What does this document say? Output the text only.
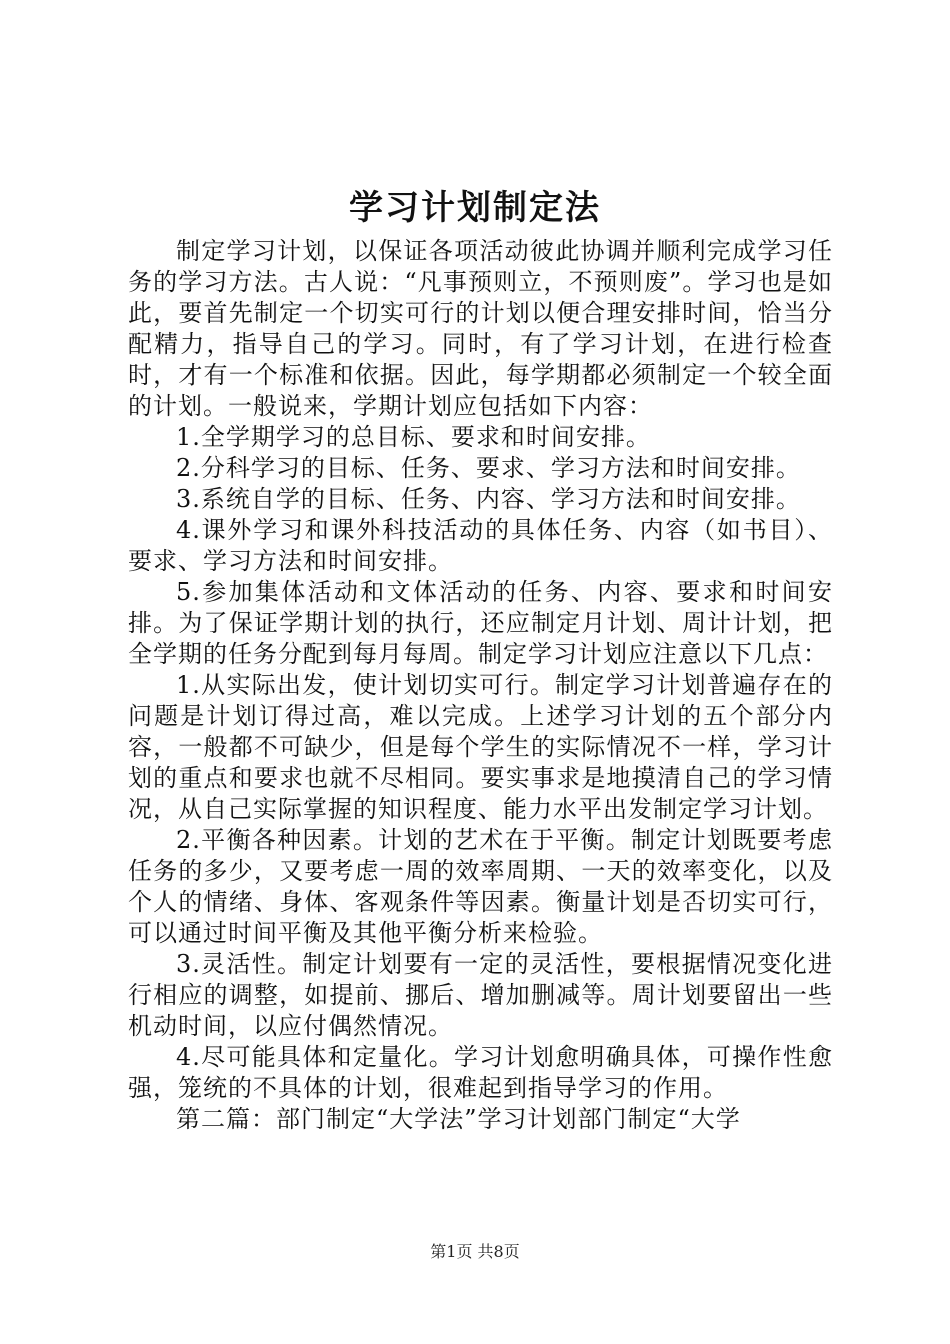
学习计划制定法

制定学习计划，以保证各项活动彼此协调并顺利完成学习任务的学习方法。古人说：“凡事预则立，不预则废”。学习也是如此，要首先制定一个切实可行的计划以便合理安排时间，恰当分配精力，指导自己的学习。同时，有了学习计划，在进行检查时，才有一个标准和依据。因此，每学期都必须制定一个较全面的计划。一般说来，学期计划应包括如下内容：

1.全学期学习的总目标、要求和时间安排。

2.分科学习的目标、任务、要求、学习方法和时间安排。

3.系统自学的目标、任务、内容、学习方法和时间安排。

4.课外学习和课外科技活动的具体任务、内容（如书目）、要求、学习方法和时间安排。

5.参加集体活动和文体活动的任务、内容、要求和时间安排。为了保证学期计划的执行，还应制定月计划、周计计划，把全学期的任务分配到每月每周。制定学习计划应注意以下几点：

1.从实际出发，使计划切实可行。制定学习计划普遍存在的问题是计划订得过高，难以完成。上述学习计划的五个部分内容，一般都不可缺少，但是每个学生的实际情况不一样，学习计划的重点和要求也就不尽相同。要实事求是地摸清自己的学习情况，从自己实际掌握的知识程度、能力水平出发制定学习计划。

2.平衡各种因素。计划的艺术在于平衡。制定计划既要考虑任务的多少，又要考虑一周的效率周期、一天的效率变化，以及个人的情绪、身体、客观条件等因素。衡量计划是否切实可行，可以通过时间平衡及其他平衡分析来检验。

3.灵活性。制定计划要有一定的灵活性，要根据情况变化进行相应的调整，如提前、挪后、增加删减等。周计划要留出一些机动时间，以应付偶然情况。

4.尽可能具体和定量化。学习计划愈明确具体，可操作性愈强，笼统的不具体的计划，很难起到指导学习的作用。

第二篇：部门制定“大学法”学习计划部门制定“大学

第1页 共8页
